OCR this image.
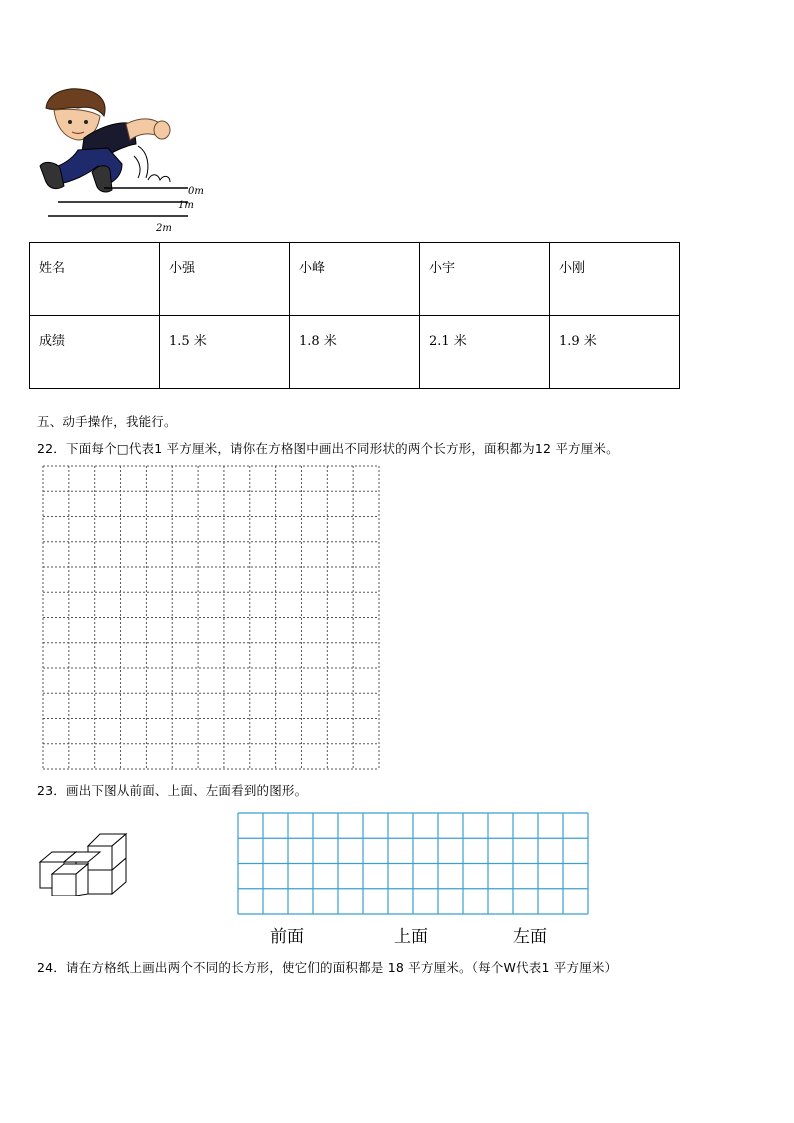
0m
1m
2m
姓名	小强	小峰	小宇	小刚
成绩	1.5 米	1.8 米	2.1 米	1.9 米
五、动手操作，我能行。
22．下面每个□代表1 平方厘米，请你在方格图中画出不同形状的两个长方形，面积都为12 平方厘米。
23．画出下图从前面、上面、左面看到的图形。
前面	上面	左面
24．请在方格纸上画出两个不同的长方形，使它们的面积都是 18 平方厘米。（每个W代表1 平方厘米）
